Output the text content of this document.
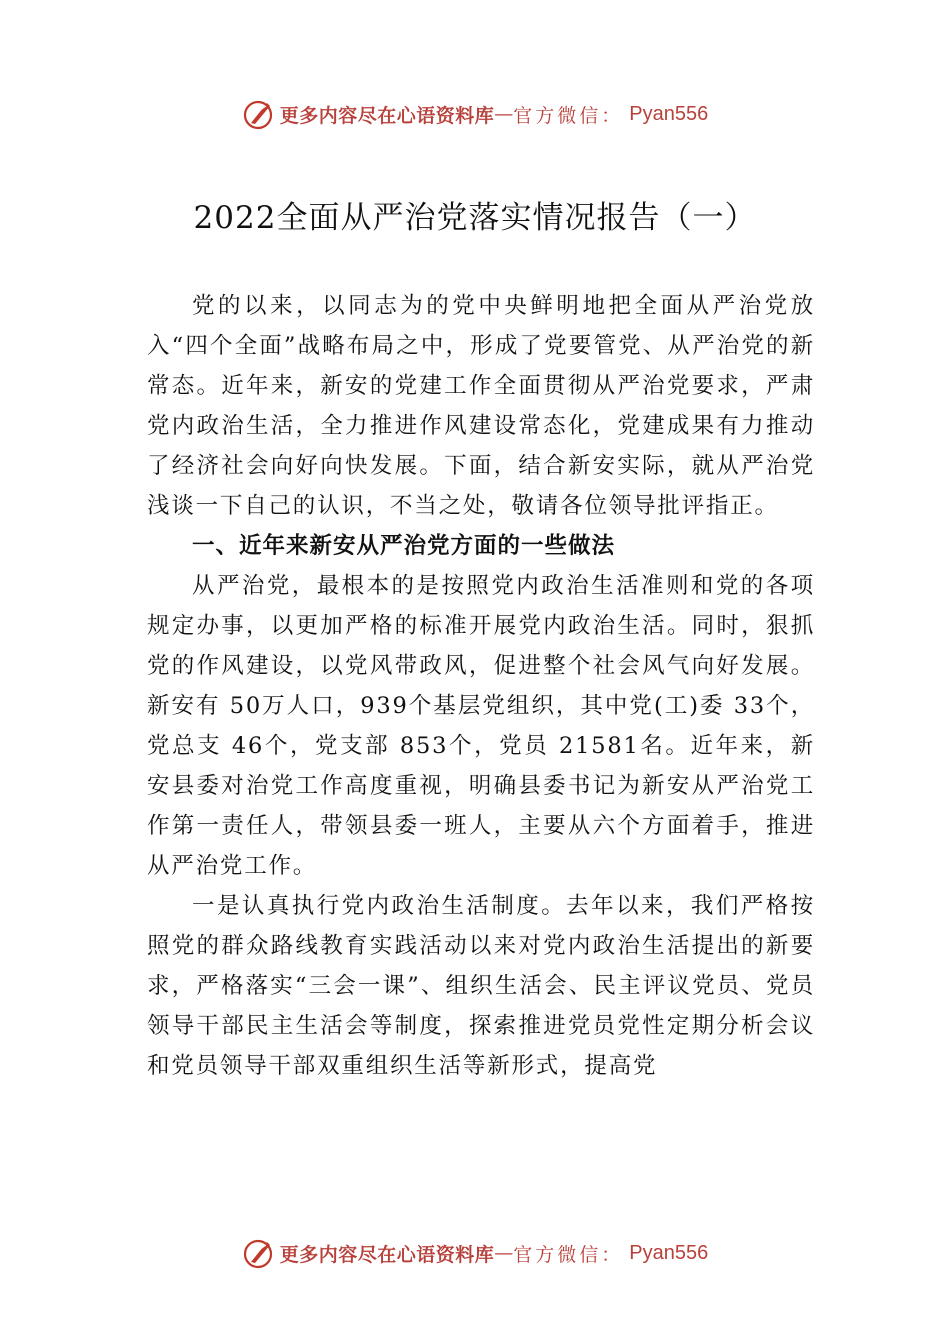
更多内容尽在心语资料库 — 官方微信： Pyan556
2022全面从严治党落实情况报告（一）

党的以来，以同志为的党中央鲜明地把全面从严治党放入“四个全面”战略布局之中，形成了党要管党、从严治党的新常态。近年来，新安的党建工作全面贯彻从严治党要求，严肃党内政治生活，全力推进作风建设常态化，党建成果有力推动了经济社会向好向快发展。下面，结合新安实际，就从严治党浅谈一下自己的认识，不当之处，敬请各位领导批评指正。

一、近年来新安从严治党方面的一些做法

从严治党，最根本的是按照党内政治生活准则和党的各项规定办事，以更加严格的标准开展党内政治生活。同时，狠抓党的作风建设，以党风带政风，促进整个社会风气向好发展。新安有 50万人口，939个基层党组织，其中党(工)委 33个，党总支 46个，党支部 853个，党员 21581名。近年来，新安县委对治党工作高度重视，明确县委书记为新安从严治党工作第一责任人，带领县委一班人，主要从六个方面着手，推进从严治党工作。

一是认真执行党内政治生活制度。去年以来，我们严格按照党的群众路线教育实践活动以来对党内政治生活提出的新要求，严格落实“三会一课”、组织生活会、民主评议党员、党员领导干部民主生活会等制度，探索推进党员党性定期分析会议和党员领导干部双重组织生活等新形式，提高党

更多内容尽在心语资料库 — 官方微信： Pyan556
